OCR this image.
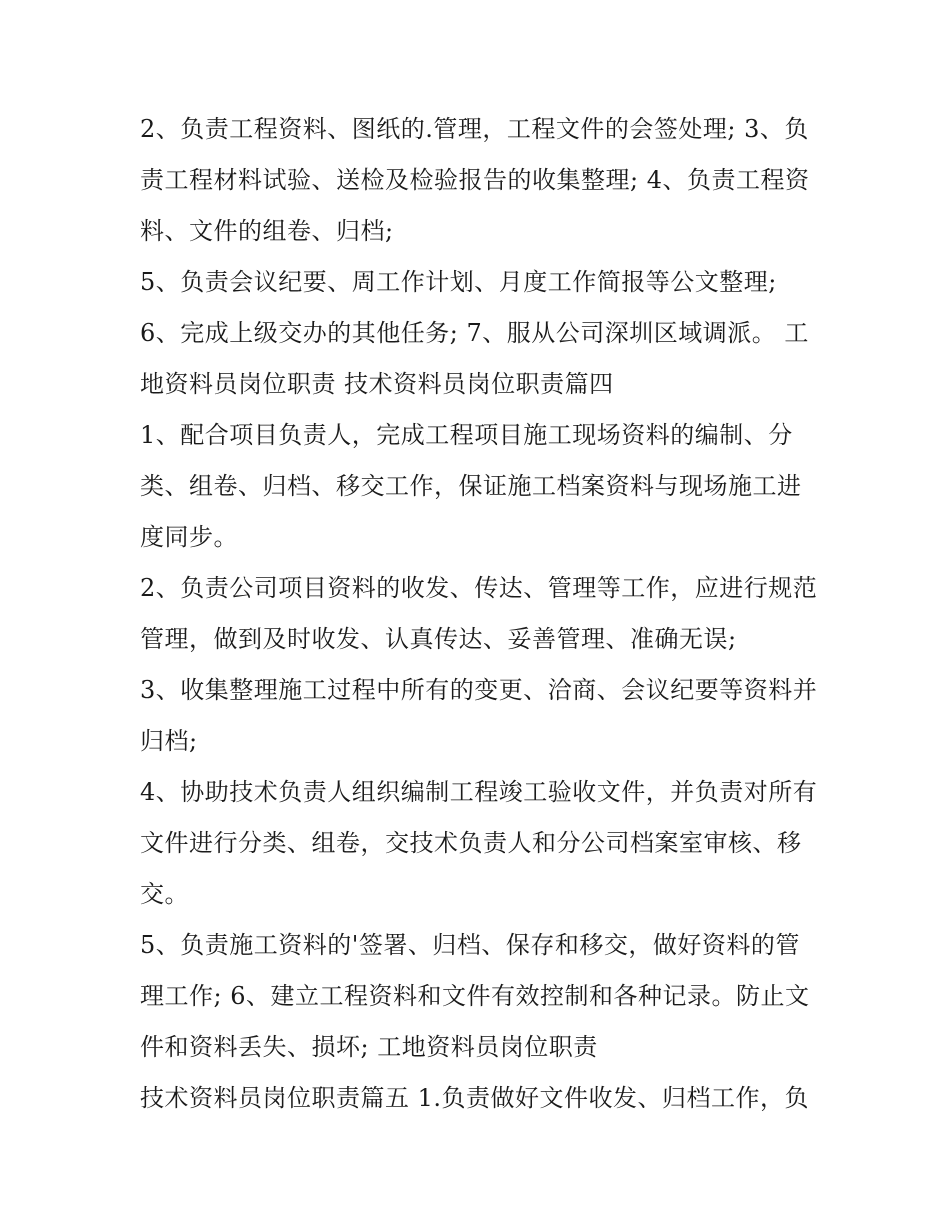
2、负责工程资料、图纸的.管理，工程文件的会签处理; 3、负责工程材料试验、送检及检验报告的收集整理; 4、负责工程资料、文件的组卷、归档;

5、负责会议纪要、周工作计划、月度工作简报等公文整理;

6、完成上级交办的其他任务; 7、服从公司深圳区域调派。 工地资料员岗位职责 技术资料员岗位职责篇四

1、配合项目负责人，完成工程项目施工现场资料的编制、分类、组卷、归档、移交工作，保证施工档案资料与现场施工进度同步。

2、负责公司项目资料的收发、传达、管理等工作，应进行规范管理，做到及时收发、认真传达、妥善管理、准确无误;

3、收集整理施工过程中所有的变更、洽商、会议纪要等资料并归档;

4、协助技术负责人组织编制工程竣工验收文件，并负责对所有文件进行分类、组卷，交技术负责人和分公司档案室审核、移交。

5、负责施工资料的'签署、归档、保存和移交，做好资料的管理工作; 6、建立工程资料和文件有效控制和各种记录。防止文件和资料丢失、损坏; 工地资料员岗位职责

技术资料员岗位职责篇五 1.负责做好文件收发、归档工作，负
